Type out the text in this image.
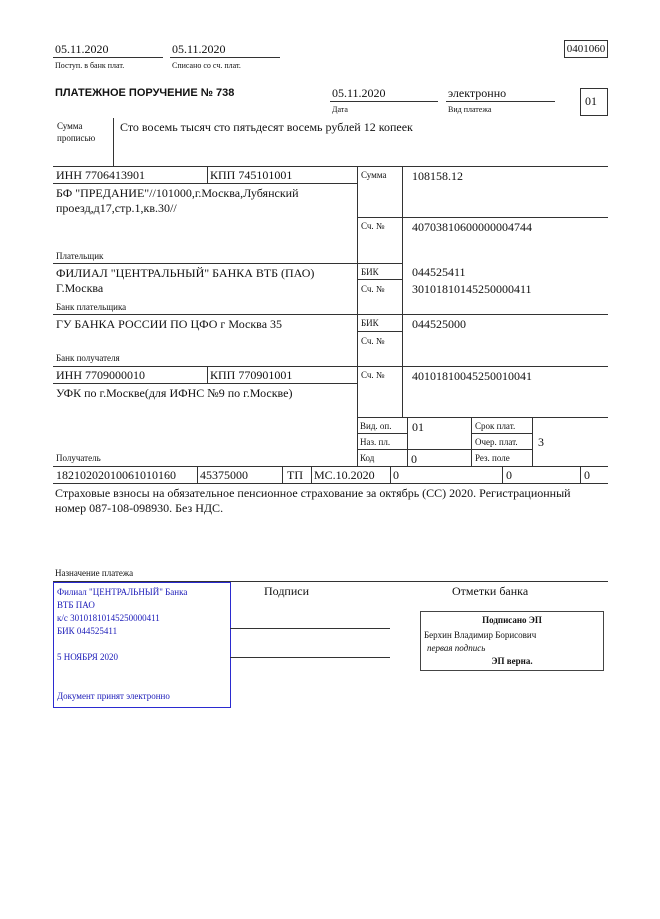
05.11.2020
Поступ. в банк плат.
05.11.2020
Списано со сч. плат.
0401060
ПЛАТЕЖНОЕ ПОРУЧЕНИЕ № 738	05.11.2020
Дата
электронно
Вид платежа
01
Сумма
прописью
Сто восемь тысяч сто пятьдесят восемь рублей 12 копеек
ИНН 7706413901	КПП 745101001
БФ "ПРЕДАНИЕ"//101000,г.Москва,Лубянский
проезд,д17,стр.1,кв.30//
Плательщик
Сумма 108158.12
Сч. № 40703810600000004744
ФИЛИАЛ "ЦЕНТРАЛЬНЫЙ" БАНКА ВТБ (ПАО)
Г.Москва
Банк плательщика
БИК	044525411
Сч. № 30101810145250000411
ГУ БАНКА РОССИИ ПО ЦФО г Москва 35
Банк получателя
БИК	044525000
Сч. №
ИНН 7709000010	КПП 770901001
УФК по г.Москве(для ИФНС №9 по г.Москве)
Получатель
Сч. № 40101810045250010041
Вид. оп. 01
Наз. пл.
Код	0
Срок плат.
Очер. плат. 3
Рез. поле
18210202010061010160 45375000	ТП МС.10.2020 0	0	0
Страховые взносы на обязательное пенсионное страхование за октябрь (СС) 2020. Регистрационный
номер 087-108-098930. Без НДС.
Назначение платежа
Филиал "ЦЕНТРАЛЬНЫЙ" Банка
ВТБ ПАО
к/с 30101810145250000411
БИК 044525411
5 НОЯБРЯ 2020
Документ принят электронно
Подписи	Отметки банка
Подписано ЭП
Берхин Владимир Борисович
первая подпись
ЭП верна.
